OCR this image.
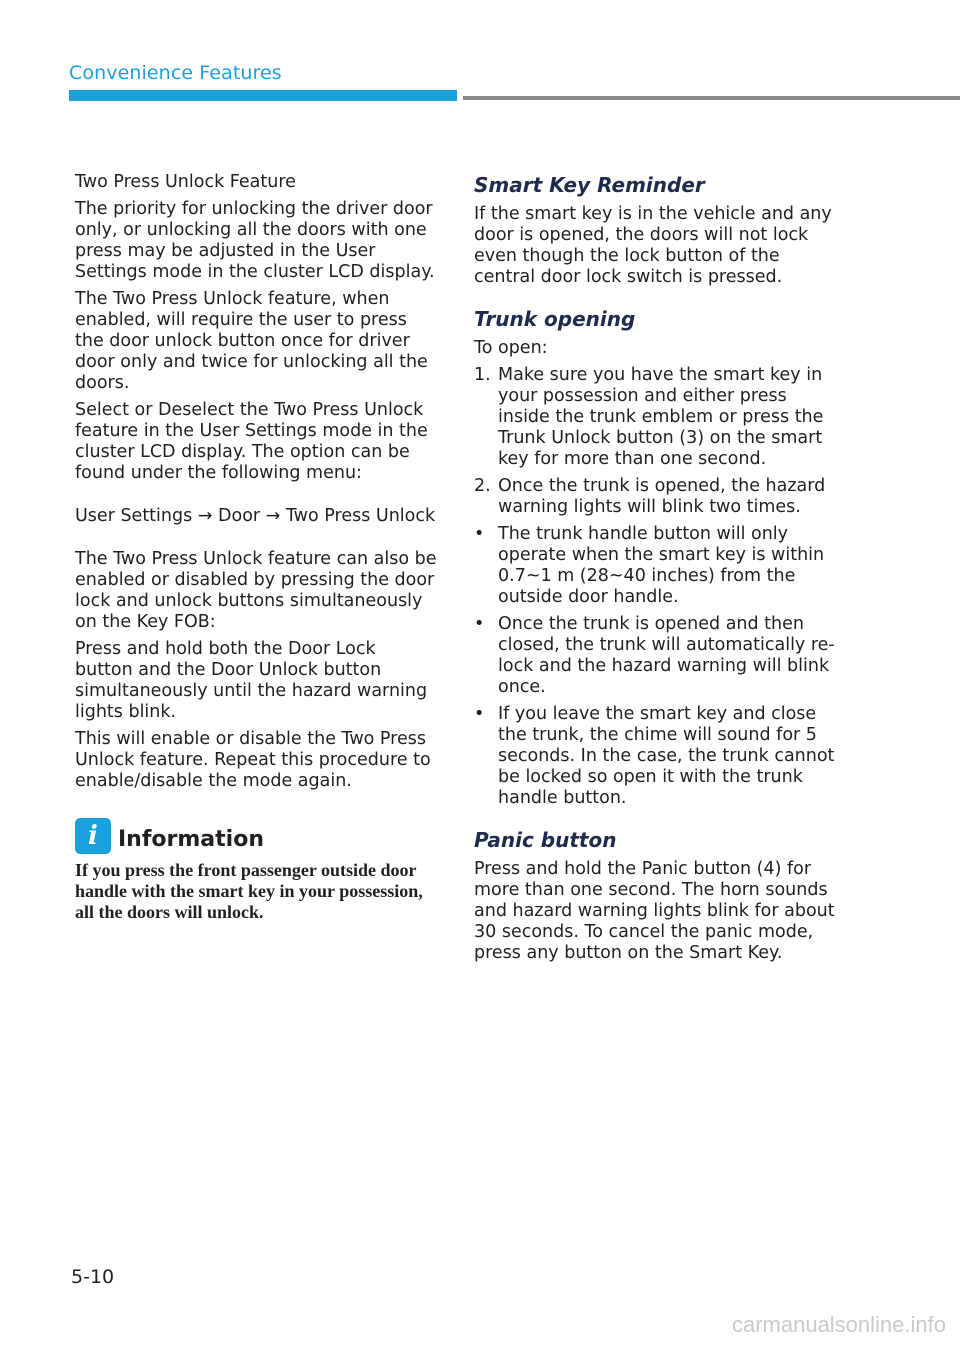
Convenience Features

Two Press Unlock Feature

The priority for unlocking the driver door only, or unlocking all the doors with one press may be adjusted in the User Settings mode in the cluster LCD display.

The Two Press Unlock feature, when enabled, will require the user to press the door unlock button once for driver door only and twice for unlocking all the doors.

Select or Deselect the Two Press Unlock feature in the User Settings mode in the cluster LCD display. The option can be found under the following menu:

User Settings → Door → Two Press Unlock

The Two Press Unlock feature can also be enabled or disabled by pressing the door lock and unlock buttons simultaneously on the Key FOB:

Press and hold both the Door Lock button and the Door Unlock button simultaneously until the hazard warning lights blink.

This will enable or disable the Two Press Unlock feature. Repeat this procedure to enable/disable the mode again.

i Information

If you press the front passenger outside door handle with the smart key in your possession, all the doors will unlock.

Smart Key Reminder

If the smart key is in the vehicle and any door is opened, the doors will not lock even though the lock button of the central door lock switch is pressed.

Trunk opening

To open:

1. Make sure you have the smart key in your possession and either press inside the trunk emblem or press the Trunk Unlock button (3) on the smart key for more than one second.
2. Once the trunk is opened, the hazard warning lights will blink two times.
• The trunk handle button will only operate when the smart key is within 0.7~1 m (28~40 inches) from the outside door handle.
• Once the trunk is opened and then closed, the trunk will automatically re-lock and the hazard warning will blink once.
• If you leave the smart key and close the trunk, the chime will sound for 5 seconds. In the case, the trunk cannot be locked so open it with the trunk handle button.
Panic button

Press and hold the Panic button (4) for more than one second. The horn sounds and hazard warning lights blink for about 30 seconds. To cancel the panic mode, press any button on the Smart Key.

5-10
carmanualsonline.info
